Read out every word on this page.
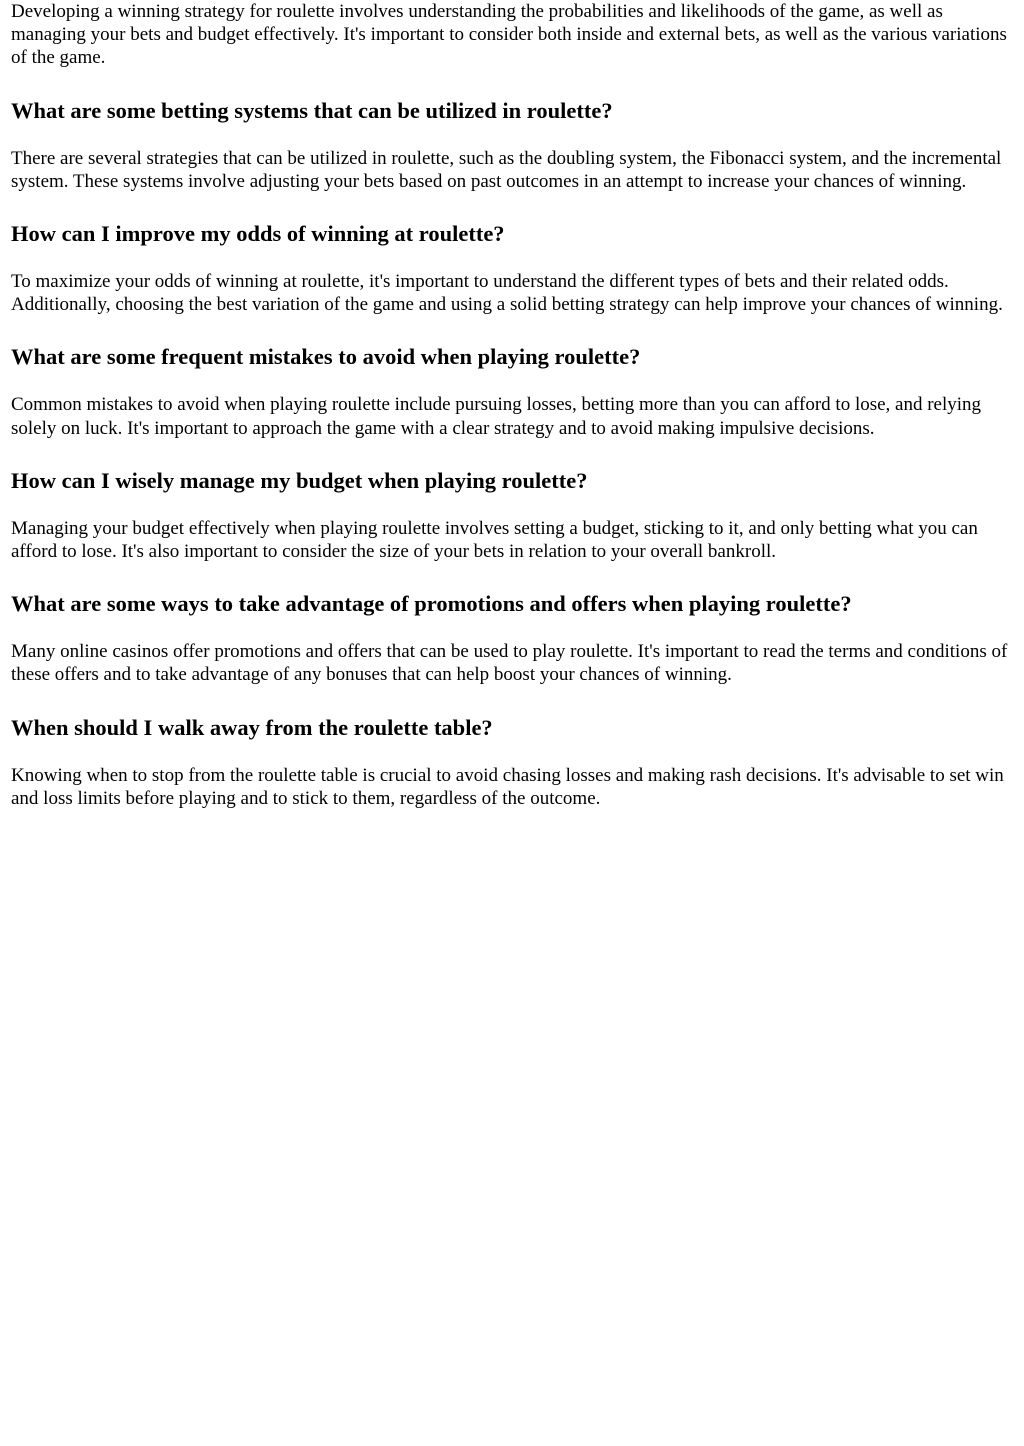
Developing a winning strategy for roulette involves understanding the probabilities and likelihoods of the game, as well as managing your bets and budget effectively. It's important to consider both inside and external bets, as well as the various variations of the game.

What are some betting systems that can be utilized in roulette?

There are several strategies that can be utilized in roulette, such as the doubling system, the Fibonacci system, and the incremental system. These systems involve adjusting your bets based on past outcomes in an attempt to increase your chances of winning.

How can I improve my odds of winning at roulette?

To maximize your odds of winning at roulette, it's important to understand the different types of bets and their related odds. Additionally, choosing the best variation of the game and using a solid betting strategy can help improve your chances of winning.

What are some frequent mistakes to avoid when playing roulette?

Common mistakes to avoid when playing roulette include pursuing losses, betting more than you can afford to lose, and relying solely on luck. It's important to approach the game with a clear strategy and to avoid making impulsive decisions.

How can I wisely manage my budget when playing roulette?

Managing your budget effectively when playing roulette involves setting a budget, sticking to it, and only betting what you can afford to lose. It's also important to consider the size of your bets in relation to your overall bankroll.

What are some ways to take advantage of promotions and offers when playing roulette?

Many online casinos offer promotions and offers that can be used to play roulette. It's important to read the terms and conditions of these offers and to take advantage of any bonuses that can help boost your chances of winning.

When should I walk away from the roulette table?

Knowing when to stop from the roulette table is crucial to avoid chasing losses and making rash decisions. It's advisable to set win and loss limits before playing and to stick to them, regardless of the outcome.
